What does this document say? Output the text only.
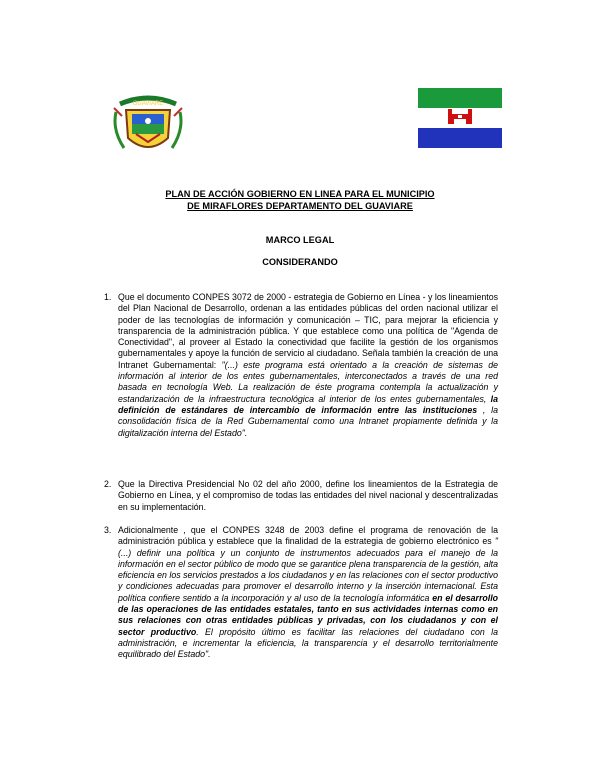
GUAVIARE
PLAN DE ACCIÓN GOBIERNO EN LINEA PARA EL MUNICIPIO
DE MIRAFLORES DEPARTAMENTO DEL GUAVIARE
MARCO LEGAL
CONSIDERANDO
1. Que el documento CONPES 3072 de 2000 - estrategia de Gobierno en Línea - y los lineamientos del Plan Nacional de Desarrollo, ordenan a las entidades públicas del orden nacional utilizar el poder de las tecnologías de información y comunicación – TIC, para mejorar la eficiencia y transparencia de la administración pública. Y que establece como una política de "Agenda de Conectividad", al proveer al Estado la conectividad que facilite la gestión de los organismos gubernamentales y apoye la función de servicio al ciudadano. Señala también la creación de una Intranet Gubernamental: "(...) este programa está orientado a la creación de sistemas de información al interior de los entes gubernamentales, interconectados a través de una red basada en tecnología Web. La realización de éste programa contempla la actualización y estandarización de la infraestructura tecnológica al interior de los entes gubernamentales, la definición de estándares de intercambio de información entre las instituciones , la consolidación física de la Red Gubernamental como una Intranet propiamente definida y la digitalización interna del Estado".
2. Que la Directiva Presidencial No 02 del año 2000, define los lineamientos de la Estrategia de Gobierno en Línea, y el compromiso de todas las entidades del nivel nacional y descentralizadas en su implementación.
3. Adicionalmente , que el CONPES 3248 de 2003 define el programa de renovación de la administración pública y establece que la finalidad de la estrategia de gobierno electrónico es "(...) definir una política y un conjunto de instrumentos adecuados para el manejo de la información en el sector público de modo que se garantice plena transparencia de la gestión, alta eficiencia en los servicios prestados a los ciudadanos y en las relaciones con el sector productivo y condiciones adecuadas para promover el desarrollo interno y la inserción internacional. Esta política confiere sentido a la incorporación y al uso de la tecnología informática en el desarrollo de las operaciones de las entidades estatales, tanto en sus actividades internas como en sus relaciones con otras entidades públicas y privadas, con los ciudadanos y con el sector productivo. El propósito último es facilitar las relaciones del ciudadano con la administración, e incrementar la eficiencia, la transparencia y el desarrollo territorialmente equilibrado del Estado".
